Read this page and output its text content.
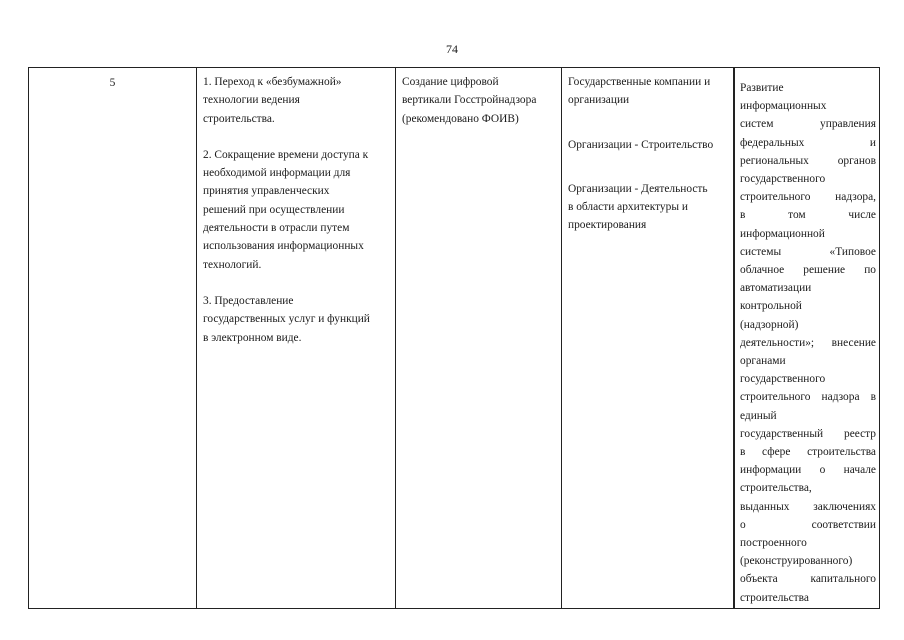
74
5	1. Переход к «безбумажной»
технологии ведения
строительства.

2. Сокращение времени доступа к
необходимой информации для
принятия управленческих
решений при осуществлении
деятельности в отрасли путем
использования информационных
технологий.

3. Предоставление
государственных услуг и функций
в электронном виде.

Создание цифровой
вертикали Госстройнадзора
(рекомендовано ФОИВ)

Государственные компании и
организации

Организации - Строительство

Организации - Деятельность
в области архитектуры и
проектирования

Развитие
информационных
систем управления
федеральных и
региональных органов
государственного
строительного надзора,
в том числе
информационной
системы «Типовое
облачное решение по
автоматизации
контрольной
(надзорной)
деятельности»; внесение
органами
государственного
строительного надзора в
единый
государственный реестр
в сфере строительства
информации о начале
строительства,
выданных заключениях
о соответствии
построенного
(реконструированного)
объекта капитального
строительства
